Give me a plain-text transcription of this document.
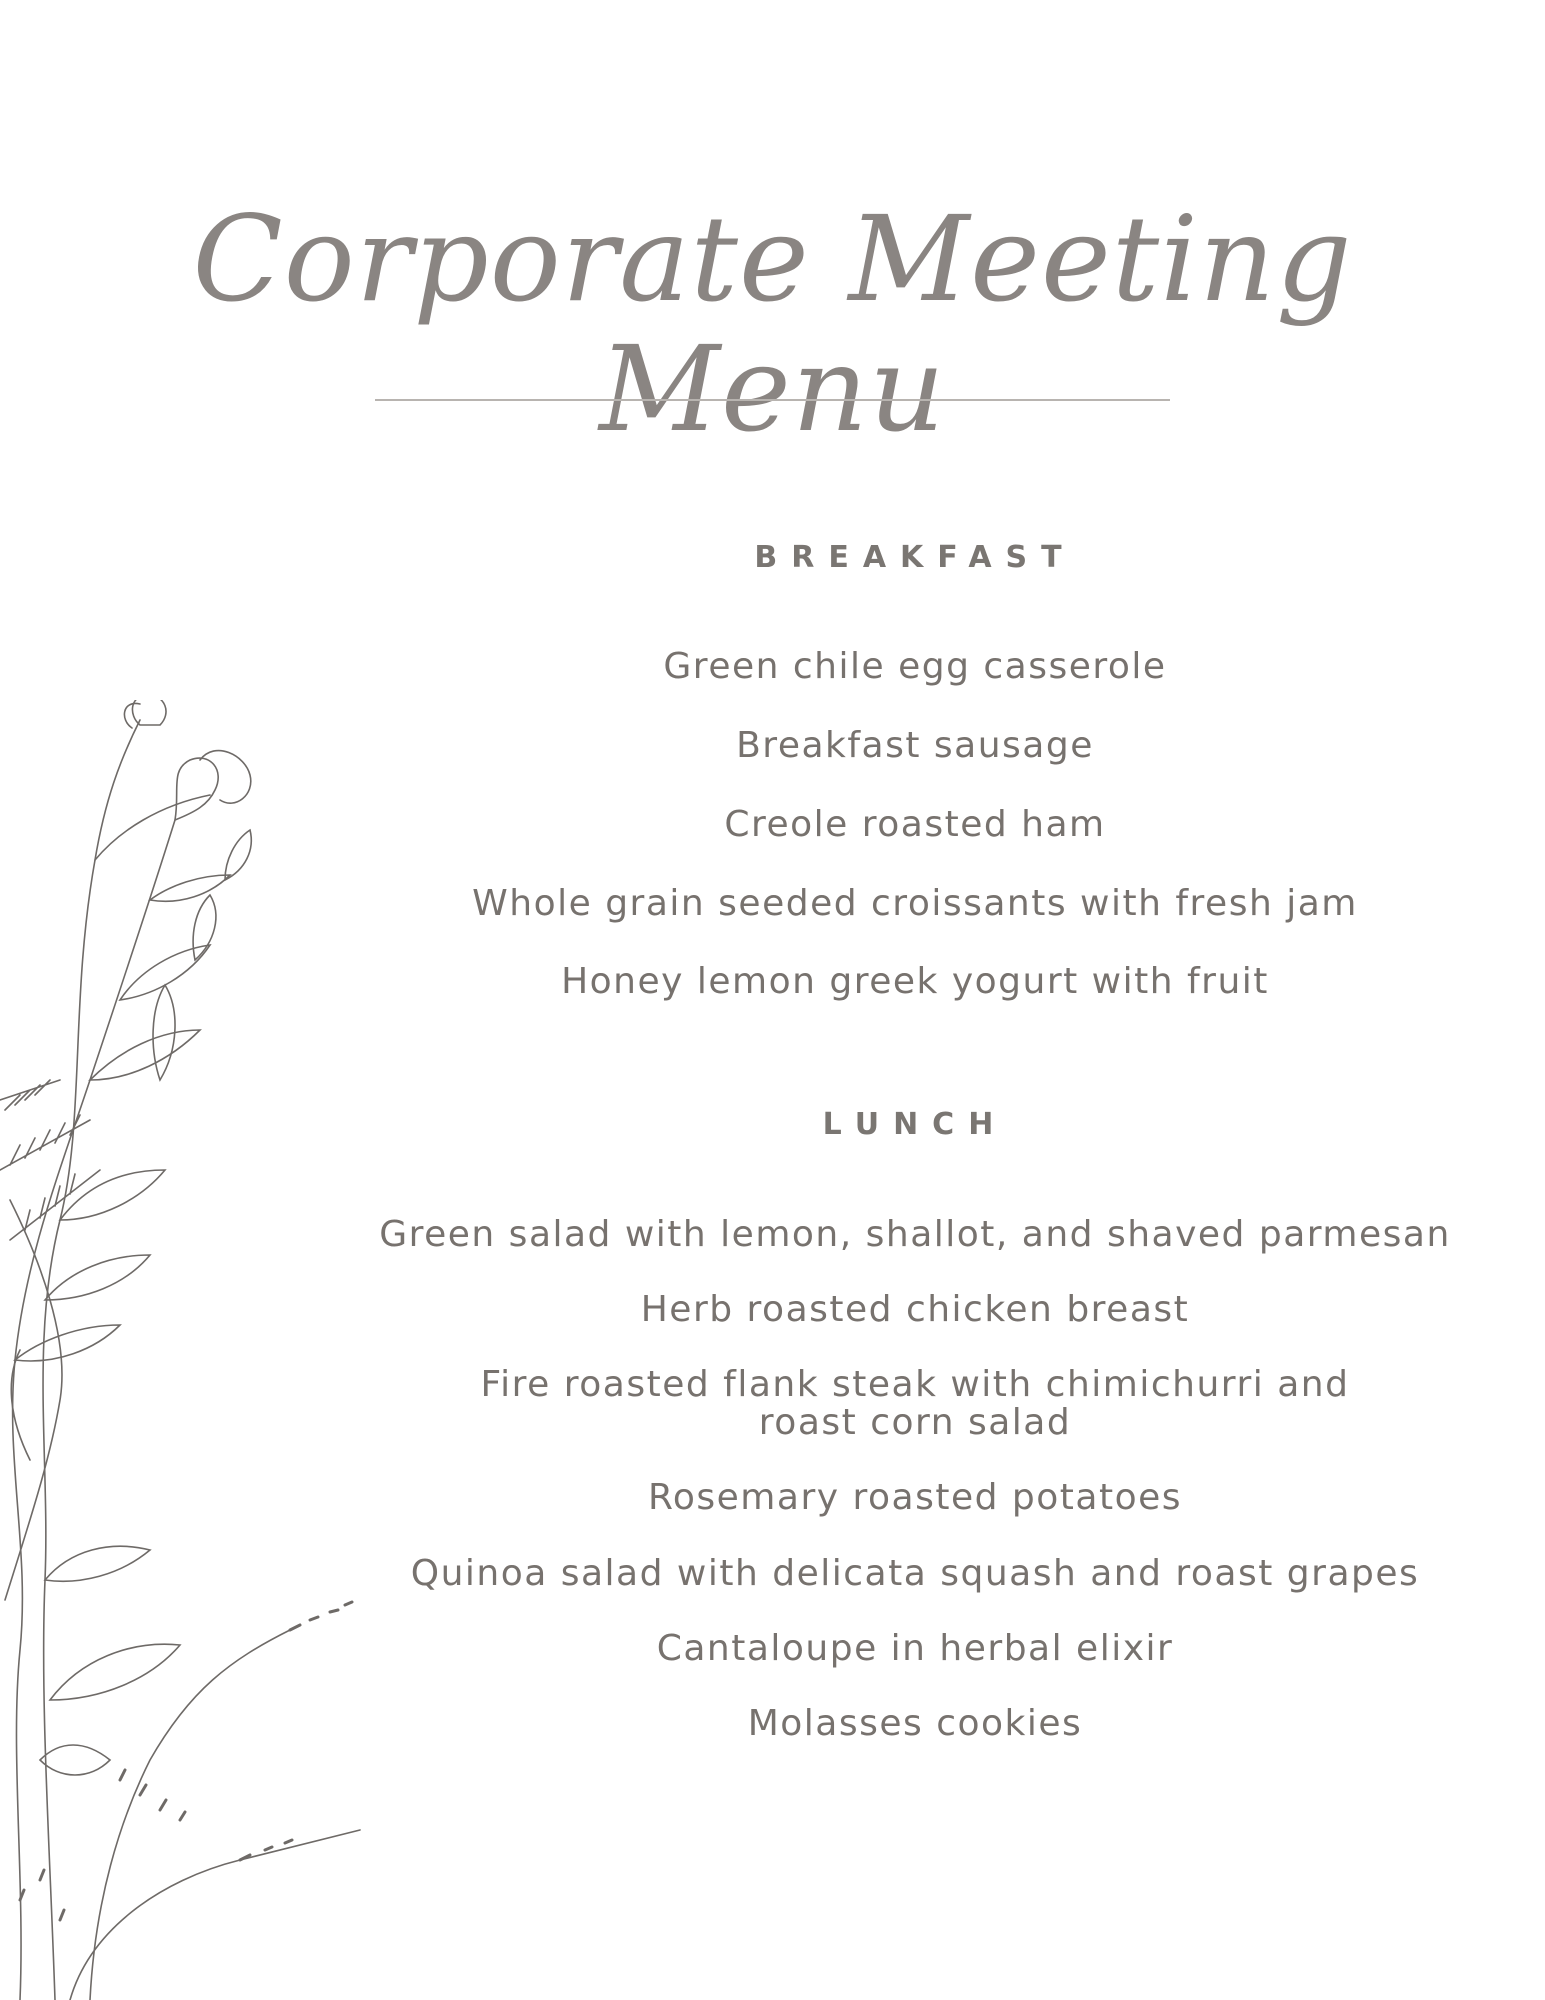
Corporate Meeting Menu
BREAKFAST
Green chile egg casserole
Breakfast sausage
Creole roasted ham
Whole grain seeded croissants with fresh jam
Honey lemon greek yogurt with fruit
LUNCH
Green salad with lemon, shallot, and shaved parmesan
Herb roasted chicken breast
Fire roasted flank steak with chimichurri and roast corn salad
Rosemary roasted potatoes
Quinoa salad with delicata squash and roast grapes
Cantaloupe in herbal elixir
Molasses cookies
